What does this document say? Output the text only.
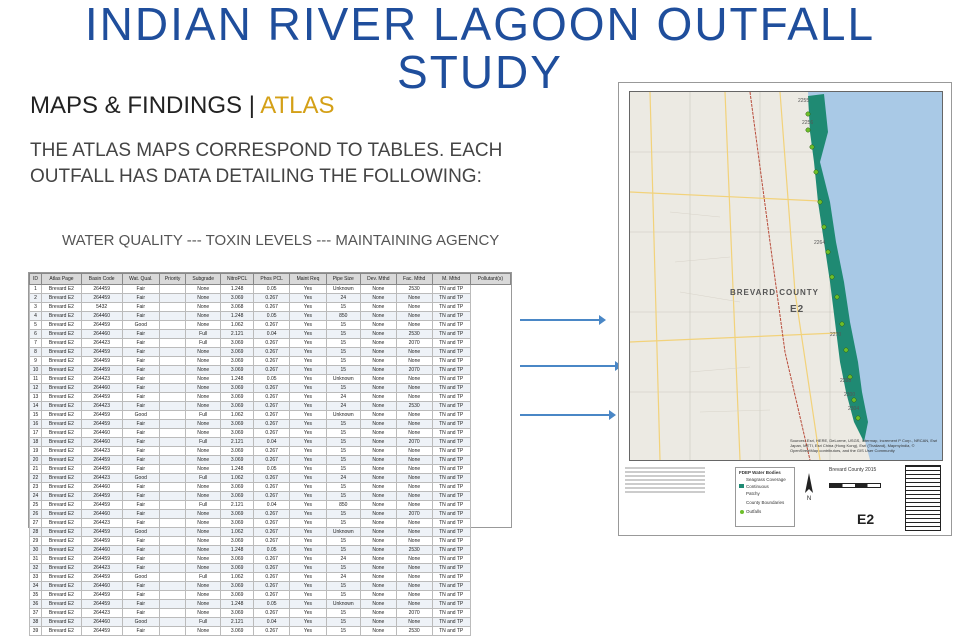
INDIAN RIVER LAGOON OUTFALL STUDY
MAPS & FINDINGS | ATLAS
THE ATLAS MAPS CORRESPOND TO TABLES. EACH OUTFALL HAS DATA DETAILING THE FOLLOWING:
WATER QUALITY --- TOXIN LEVELS --- MAINTAINING AGENCY
ID	Atlas Page	Basin Code	Wat. Qual.	Priority	Subgrade	NitroPCL	Phos PCL	Maint Req	Pipe Size	Dev. Mthd	Fac. Mthd	M. Mthd	Pollutant(s)
1	Brevard E2	264459	Fair		None	1.248	0.05	Yes	Unknown	None	2530	TN and TP	
2	Brevard E2	264459	Fair		None	3.069	0.267	Yes	24	None	None	TN and TP	
3	Brevard E2	5432	Fair		None	3.068	0.267	Yes	15	None	None	TN and TP	
4	Brevard E2	264460	Fair		None	1.248	0.05	Yes	850	None	None	TN and TP	
5	Brevard E2	264459	Good		None	1.062	0.267	Yes	15	None	None	TN and TP	
6	Brevard E2	264460	Fair		Full	2.121	0.04	Yes	15	None	2530	TN and TP	
7	Brevard E2	264423	Fair		Full	3.069	0.267	Yes	15	None	2070	TN and TP	
8	Brevard E2	264459	Fair		None	3.069	0.267	Yes	15	None	None	TN and TP	
9	Brevard E2	264459	Fair		None	3.069	0.267	Yes	15	None	None	TN and TP	
10	Brevard E2	264459	Fair		None	3.069	0.267	Yes	15	None	2070	TN and TP	
11	Brevard E2	264423	Fair		None	1.248	0.05	Yes	Unknown	None	None	TN and TP	
12	Brevard E2	264460	Fair		None	3.069	0.267	Yes	15	None	None	TN and TP	
13	Brevard E2	264459	Fair		None	3.069	0.267	Yes	24	None	None	TN and TP	
14	Brevard E2	264423	Fair		None	3.069	0.267	Yes	24	None	2530	TN and TP	
15	Brevard E2	264459	Good		Full	1.062	0.267	Yes	Unknown	None	None	TN and TP	
16	Brevard E2	264459	Fair		None	3.069	0.267	Yes	15	None	None	TN and TP	
17	Brevard E2	264460	Fair		None	3.069	0.267	Yes	15	None	None	TN and TP	
18	Brevard E2	264460	Fair		Full	2.121	0.04	Yes	15	None	2070	TN and TP	
19	Brevard E2	264423	Fair		None	3.069	0.267	Yes	15	None	None	TN and TP	
20	Brevard E2	264459	Fair		None	3.069	0.267	Yes	15	None	None	TN and TP	
21	Brevard E2	264459	Fair		None	1.248	0.05	Yes	15	None	None	TN and TP	
22	Brevard E2	264423	Good		Full	1.062	0.267	Yes	24	None	None	TN and TP	
23	Brevard E2	264460	Fair		None	3.069	0.267	Yes	15	None	None	TN and TP	
24	Brevard E2	264459	Fair		None	3.069	0.267	Yes	15	None	None	TN and TP	
25	Brevard E2	264459	Fair		Full	2.121	0.04	Yes	850	None	None	TN and TP	
26	Brevard E2	264460	Fair		None	3.069	0.267	Yes	15	None	2070	TN and TP	
27	Brevard E2	264423	Fair		None	3.069	0.267	Yes	15	None	None	TN and TP	
28	Brevard E2	264459	Good		None	1.062	0.267	Yes	Unknown	None	None	TN and TP	
29	Brevard E2	264459	Fair		None	3.069	0.267	Yes	15	None	None	TN and TP	
30	Brevard E2	264460	Fair		None	1.248	0.05	Yes	15	None	2530	TN and TP	
31	Brevard E2	264459	Fair		None	3.069	0.267	Yes	24	None	None	TN and TP	
32	Brevard E2	264423	Fair		None	3.069	0.267	Yes	15	None	None	TN and TP	
33	Brevard E2	264459	Good		Full	1.062	0.267	Yes	24	None	None	TN and TP	
34	Brevard E2	264460	Fair		None	3.069	0.267	Yes	15	None	None	TN and TP	
35	Brevard E2	264459	Fair		None	3.069	0.267	Yes	15	None	None	TN and TP	
36	Brevard E2	264459	Fair		None	1.248	0.05	Yes	Unknown	None	None	TN and TP	
37	Brevard E2	264423	Fair		None	3.069	0.267	Yes	15	None	2070	TN and TP	
38	Brevard E2	264460	Good		Full	2.121	0.04	Yes	15	None	None	TN and TP	
39	Brevard E2	264459	Fair		None	3.069	0.267	Yes	15	None	2530	TN and TP	
BREVARD COUNTY
E2
Sources: Esri, HERE, DeLorme, USGS, Intermap, increment P Corp., NRCAN, Esri Japan, METI, Esri China (Hong Kong), Esri (Thailand), MapmyIndia, © OpenStreetMap contributors, and the GIS User Community
2255
2256
2264
2270
2288
2300
2304
FDEP Water Bodies
Seagrass Coverage
Continuous
Patchy
County Boundaries
Outfalls
N
Brevard County 2015
E2
